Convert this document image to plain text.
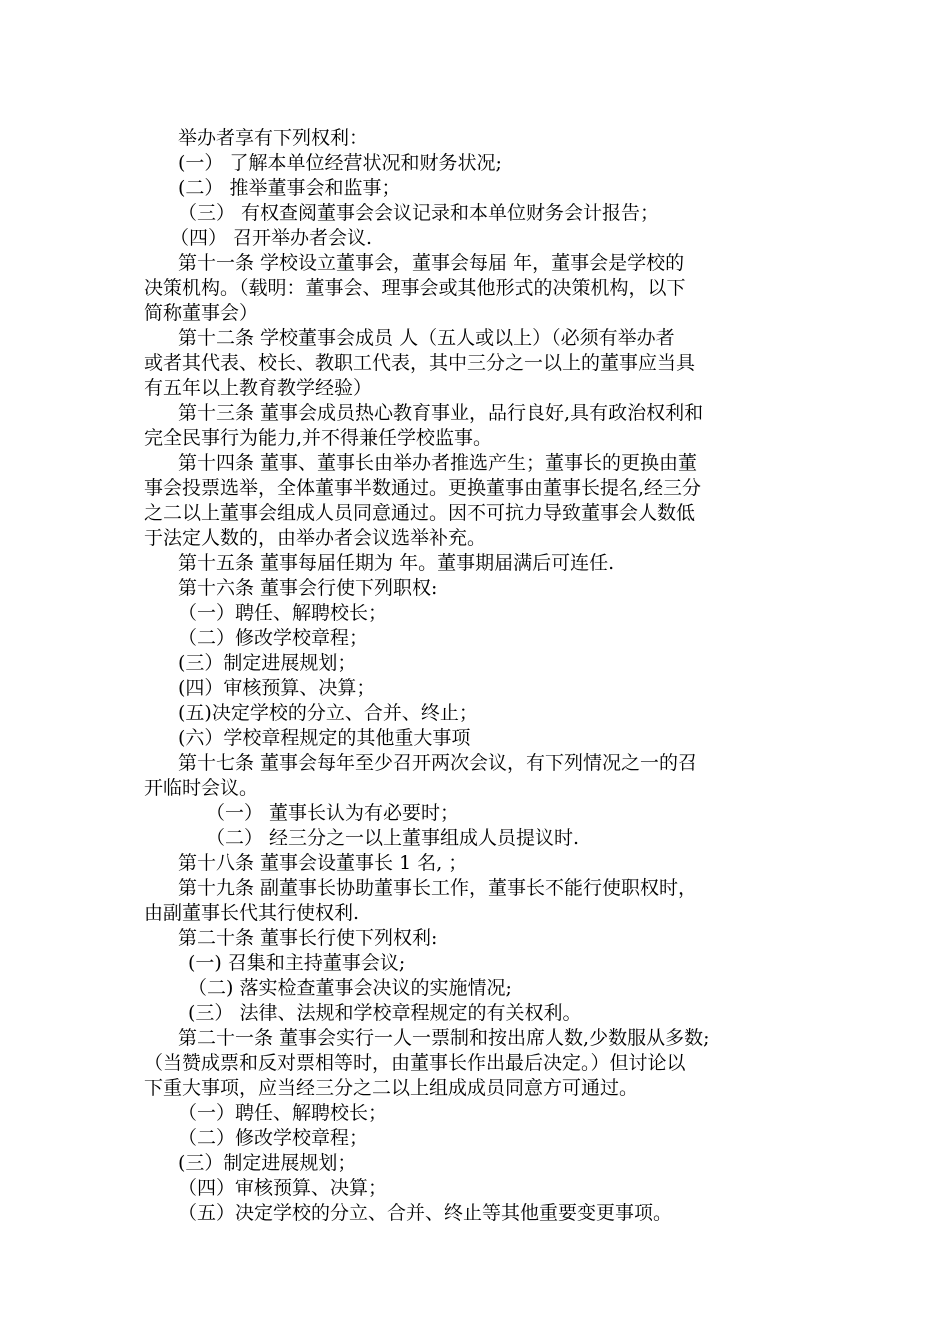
举办者享有下列权利：
(一） 了解本单位经营状况和财务状况;
(二） 推举董事会和监事；
（三） 有权查阅董事会会议记录和本单位财务会计报告；
（四） 召开举办者会议.
第十一条 学校设立董事会，董事会每届 年，董事会是学校的
决策机构。（载明：董事会、理事会或其他形式的决策机构，以下
简称董事会）
第十二条 学校董事会成员 人（五人或以上）（必须有举办者
或者其代表、校长、教职工代表，其中三分之一以上的董事应当具
有五年以上教育教学经验）
第十三条 董事会成员热心教育事业，品行良好,具有政治权利和
完全民事行为能力,并不得兼任学校监事。
第十四条 董事、董事长由举办者推选产生；董事长的更换由董
事会投票选举，全体董事半数通过。更换董事由董事长提名,经三分
之二以上董事会组成人员同意通过。因不可抗力导致董事会人数低
于法定人数的，由举办者会议选举补充。
第十五条 董事每届任期为 年。董事期届满后可连任.
第十六条 董事会行使下列职权:
（一）聘任、解聘校长；
（二）修改学校章程；
(三）制定进展规划；
(四）审核预算、决算；
(五)决定学校的分立、合并、终止；
(六）学校章程规定的其他重大事项
第十七条 董事会每年至少召开两次会议，有下列情况之一的召
开临时会议。
（一） 董事长认为有必要时；
（二） 经三分之一以上董事组成人员提议时.
第十八条 董事会设董事长 1 名, ；
第十九条 副董事长协助董事长工作，董事长不能行使职权时，
由副董事长代其行使权利.
第二十条 董事长行使下列权利:
(一) 召集和主持董事会议;
（二) 落实检查董事会决议的实施情况;
(三） 法律、法规和学校章程规定的有关权利。
第二十一条 董事会实行一人一票制和按出席人数,少数服从多数;
（当赞成票和反对票相等时，由董事长作出最后决定。）但讨论以
下重大事项，应当经三分之二以上组成成员同意方可通过。
（一）聘任、解聘校长；
（二）修改学校章程；
(三）制定进展规划；
（四）审核预算、决算；
（五）决定学校的分立、合并、终止等其他重要变更事项。
